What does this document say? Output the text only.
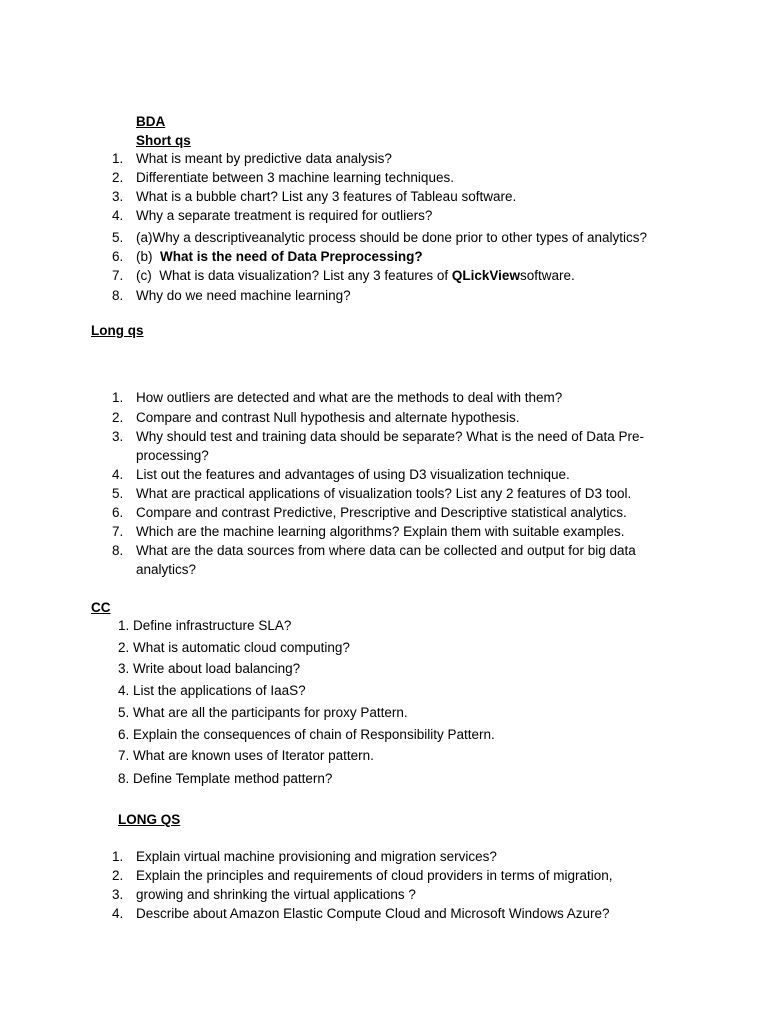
BDA
Short qs
1. What is meant by predictive data analysis?
2. Differentiate between 3 machine learning techniques.
3. What is a bubble chart? List any 3 features of Tableau software.
4. Why a separate treatment is required for outliers?
5. (a)Why a descriptiveanalytic process should be done prior to other types of analytics?
6. (b)  What is the need of Data Preprocessing?
7. (c)  What is data visualization? List any 3 features of QLickViewsoftware.
8. Why do we need machine learning?
Long qs
1. How outliers are detected and what are the methods to deal with them?
2. Compare and contrast Null hypothesis and alternate hypothesis.
3. Why should test and training data should be separate? What is the need of Data Pre-
processing?
4. List out the features and advantages of using D3 visualization technique.
5. What are practical applications of visualization tools? List any 2 features of D3 tool.
6. Compare and contrast Predictive, Prescriptive and Descriptive statistical analytics.
7. Which are the machine learning algorithms? Explain them with suitable examples.
8. What are the data sources from where data can be collected and output for big data
analytics?
CC
1. Define infrastructure SLA?
2. What is automatic cloud computing?
3. Write about load balancing?
4. List the applications of IaaS?
5. What are all the participants for proxy Pattern.
6. Explain the consequences of chain of Responsibility Pattern.
7. What are known uses of Iterator pattern.
8. Define Template method pattern?
LONG QS
1. Explain virtual machine provisioning and migration services?
2. Explain the principles and requirements of cloud providers in terms of migration,
3. growing and shrinking the virtual applications ?
4. Describe about Amazon Elastic Compute Cloud and Microsoft Windows Azure?
